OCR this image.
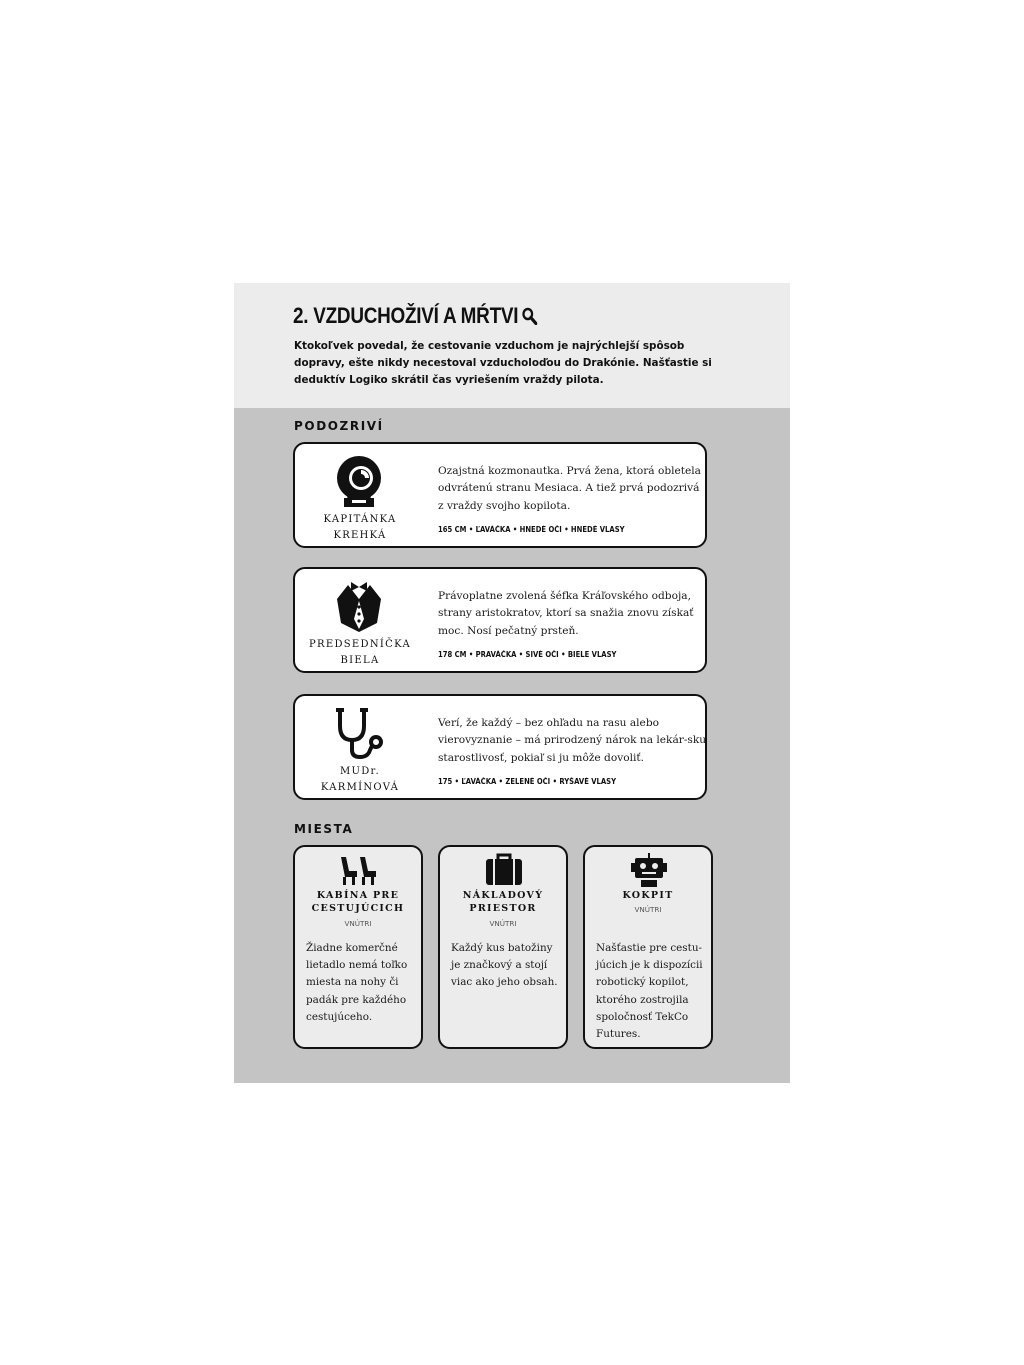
2. VZDUCHOŽIVÍ A MŔTVI

Ktokoľvek povedal, že cestovanie vzduchom je najrýchlejší spôsob dopravy, ešte nikdy necestoval vzducholoďou do Drakónie. Našťastie si deduktív Logiko skrátil čas vyriešením vraždy pilota.

PODOZRIVÍ
KAPITÁNKA
KREHKÁ

Ozajstná kozmonautka. Prvá žena, ktorá obletela odvrátenú stranu Mesiaca. A tiež prvá podozrivá z vraždy svojho kopilota.

165 CM • ĽAVÁČKA • HNEDÉ OČI • HNEDÉ VLASY
PREDSEDNÍČKA
BIELA

Právoplatne zvolená šéfka Kráľovského odboja, strany aristokratov, ktorí sa snažia znovu získať moc. Nosí pečatný prsteň.

178 CM • PRAVÁČKA • SIVÉ OČI • BIELE VLASY
MUDr.
KARMÍNOVÁ

Verí, že každý – bez ohľadu na rasu alebo vierovyznanie – má prirodzený nárok na lekár-sku starostlivosť, pokiaľ si ju môže dovoliť.

175 • ĽAVÁČKA • ZELENÉ OČI • RYŠAVÉ VLASY
MIESTA
KABÍNA PRE
CESTUJÚCICH
VNÚTRI

Žiadne komerčné lietadlo nemá toľko miesta na nohy či padák pre každého cestujúceho.

NÁKLADOVÝ
PRIESTOR
VNÚTRI

Každý kus batožiny je značkový a stojí viac ako jeho obsah.

KOKPIT
VNÚTRI

Našťastie pre cestu-júcich je k dispozícii robotický kopilot, ktorého zostrojila spoločnosť TekCo Futures.
